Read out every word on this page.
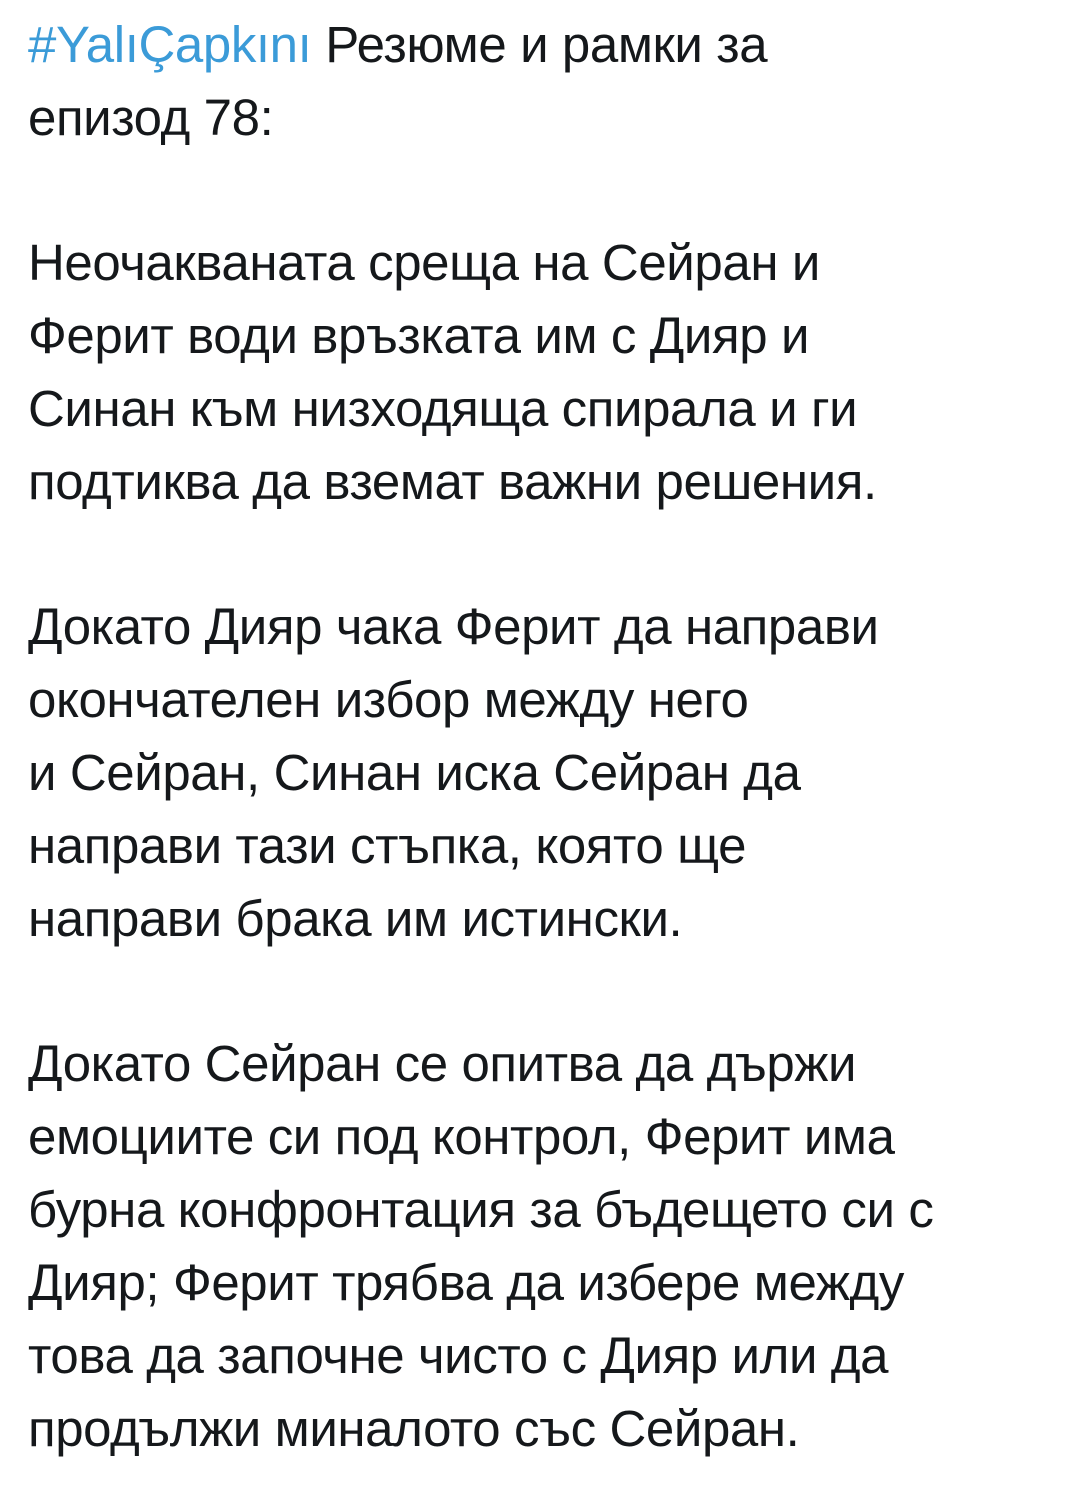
#YalıÇapkını Резюме и рамки за
епизод 78:
Неочакваната среща на Сейран и
Ферит води връзката им с Дияр и
Синан към низходяща спирала и ги
подтиква да вземат важни решения.
Докато Дияр чака Ферит да направи
окончателен избор между него
и Сейран, Синан иска Сейран да
направи тази стъпка, която ще
направи брака им истински.
Докато Сейран се опитва да държи
емоциите си под контрол, Ферит има
бурна конфронтация за бъдещето си с
Дияр; Ферит трябва да избере между
това да започне чисто с Дияр или да
продължи миналото със Сейран.
